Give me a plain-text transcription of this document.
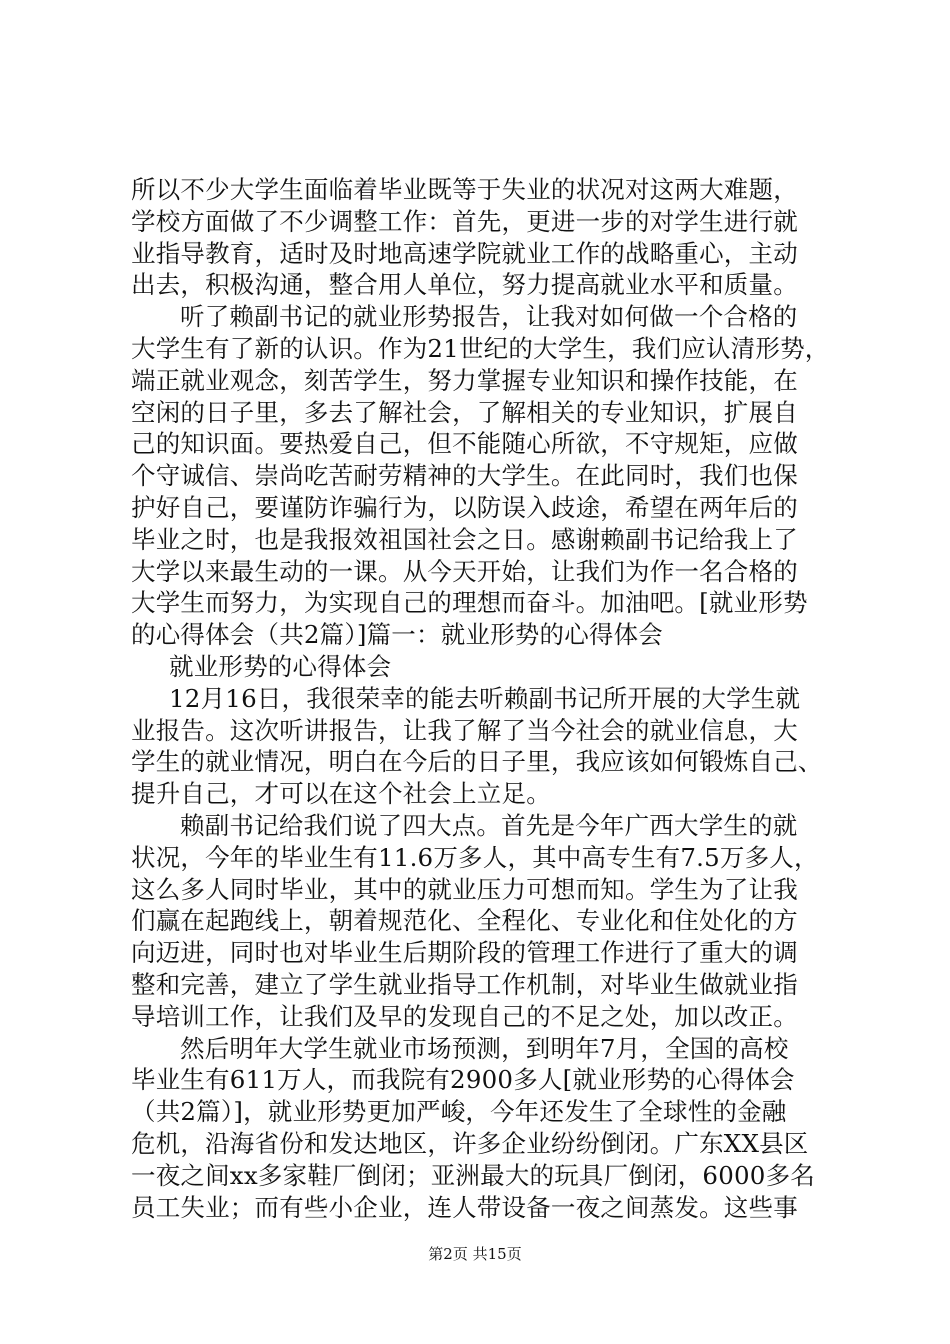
所以不少大学生面临着毕业既等于失业的状况对这两大难题，
学校方面做了不少调整工作：首先，更进一步的对学生进行就
业指导教育，适时及时地高速学院就业工作的战略重心，主动
出去，积极沟通，整合用人单位，努力提高就业水平和质量。
听了赖副书记的就业形势报告，让我对如何做一个合格的
大学生有了新的认识。作为21世纪的大学生，我们应认清形势，
端正就业观念，刻苦学生，努力掌握专业知识和操作技能，在
空闲的日子里，多去了解社会，了解相关的专业知识，扩展自
己的知识面。要热爱自己，但不能随心所欲，不守规矩，应做
个守诚信、崇尚吃苦耐劳精神的大学生。在此同时，我们也保
护好自己，要谨防诈骗行为，以防误入歧途，希望在两年后的
毕业之时，也是我报效祖国社会之日。感谢赖副书记给我上了
大学以来最生动的一课。从今天开始，让我们为作一名合格的
大学生而努力，为实现自己的理想而奋斗。加油吧。[就业形势
的心得体会（共2篇）]篇一：就业形势的心得体会
就业形势的心得体会
12月16日，我很荣幸的能去听赖副书记所开展的大学生就
业报告。这次听讲报告，让我了解了当今社会的就业信息，大
学生的就业情况，明白在今后的日子里，我应该如何锻炼自己、
提升自己，才可以在这个社会上立足。
赖副书记给我们说了四大点。首先是今年广西大学生的就
状况，今年的毕业生有11.6万多人，其中高专生有7.5万多人，
这么多人同时毕业，其中的就业压力可想而知。学生为了让我
们赢在起跑线上，朝着规范化、全程化、专业化和住处化的方
向迈进，同时也对毕业生后期阶段的管理工作进行了重大的调
整和完善，建立了学生就业指导工作机制，对毕业生做就业指
导培训工作，让我们及早的发现自己的不足之处，加以改正。
然后明年大学生就业市场预测，到明年7月，全国的高校
毕业生有611万人，而我院有2900多人[就业形势的心得体会
（共2篇）]，就业形势更加严峻，今年还发生了全球性的金融
危机，沿海省份和发达地区，许多企业纷纷倒闭。广东XX县区
一夜之间xx多家鞋厂倒闭；亚洲最大的玩具厂倒闭，6000多名
员工失业；而有些小企业，连人带设备一夜之间蒸发。这些事
第2页 共15页
